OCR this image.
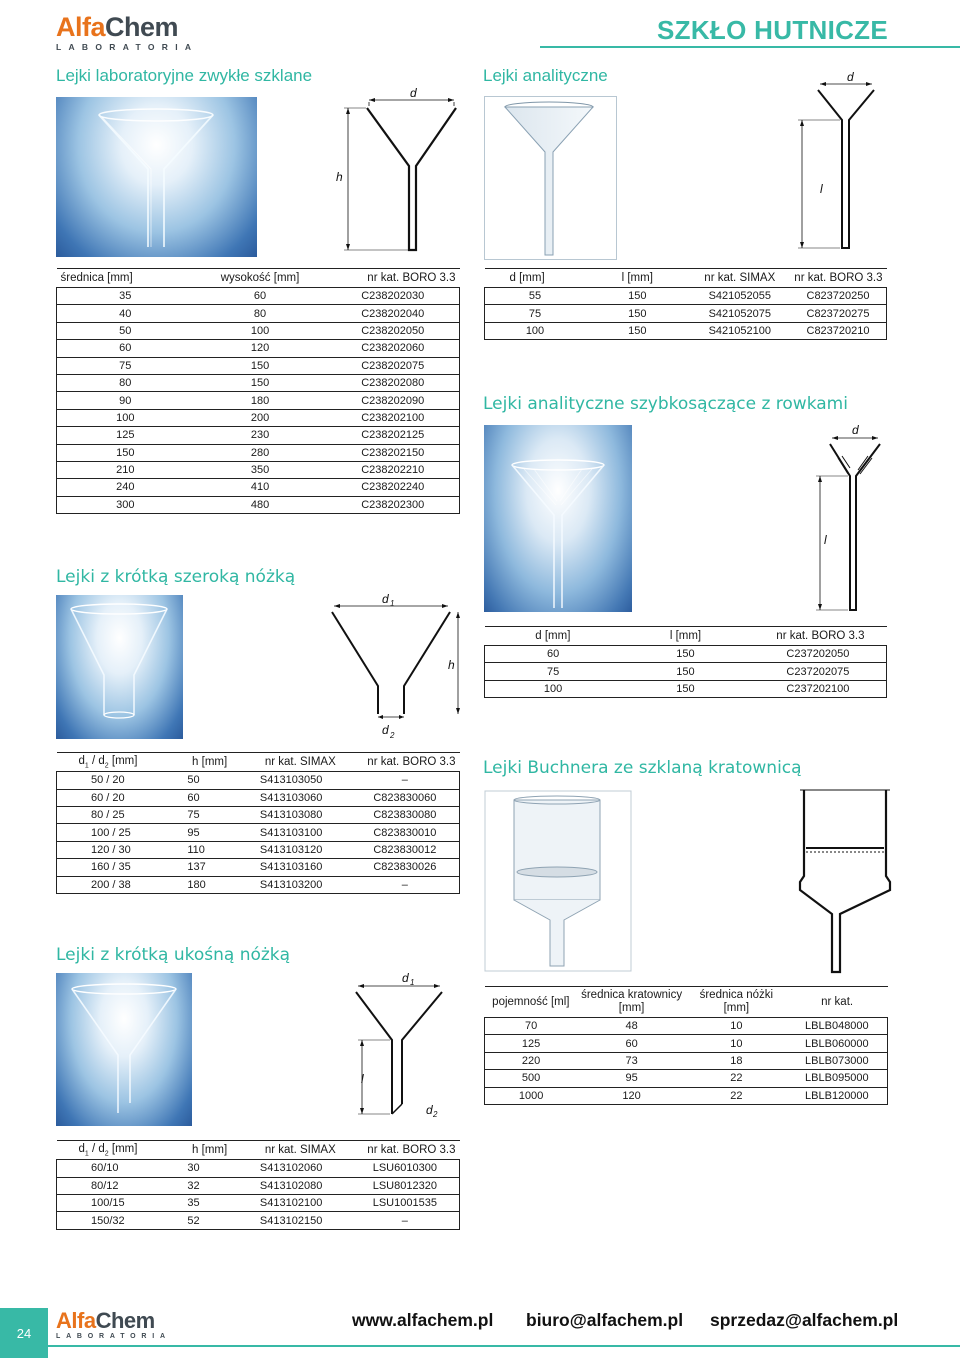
AlfaChem
LABORATORIA
SZKŁO HUTNICZE
Lejki laboratoryjne zwykłe szklane
d
h
średnica [mm]	wysokość [mm]	nr kat. BORO 3.3
35	60	C238202030
40	80	C238202040
50	100	C238202050
60	120	C238202060
75	150	C238202075
80	150	C238202080
90	180	C238202090
100	200	C238202100
125	230	C238202125
150	280	C238202150
210	350	C238202210
240	410	C238202240
300	480	C238202300
Lejki analityczne	d
l
d [mm]	l [mm]	nr kat. SIMAX	nr kat. BORO 3.3
55	150	S421052055	C823720250
75	150	S421052075	C823720275
100	150	S421052100	C823720210
Lejki analityczne szybkosączące z rowkami
d
l
d [mm]	l [mm]	nr kat. BORO 3.3
60	150	C237202050
75	150	C237202075
100	150	C237202100
Lejki z krótką szeroką nóżką
d 1
d 2
h
$d_1 / d_2$ [mm]	h [mm]	nr kat. SIMAX	nr kat. BORO 3.3
50 / 20	50	S413103050	–
60 / 20	60	S413103060	C823830060
80 / 25	75	S413103080	C823830080
100 / 25	95	S413103100	C823830010
120 / 30	110	S413103120	C823830012
160 / 35	137	S413103160	C823830026
200 / 38	180	S413103200	–
Lejki Buchnera ze szklaną kratownicą
pojemność [ml]	średnica kratownicy [mm]	średnica nóżki [mm]	nr kat.
70	48	10	LBLB048000
125	60	10	LBLB060000
220	73	18	LBLB073000
500	95	22	LBLB095000
1000	120	22	LBLB120000
Lejki z krótką ukośną nóżką
d 1
l
d 2
$d_1 / d_2$ [mm]	h [mm]	nr kat. SIMAX	nr kat. BORO 3.3
60/10	30	S413102060	LSU6010300
80/12	32	S413102080	LSU8012320
100/15	35	S413102100	LSU1001535
150/32	52	S413102150	–
24	AlfaChem
LABORATORIA
www.alfachem.pl biuro@alfachem.pl sprzedaz@alfachem.pl
